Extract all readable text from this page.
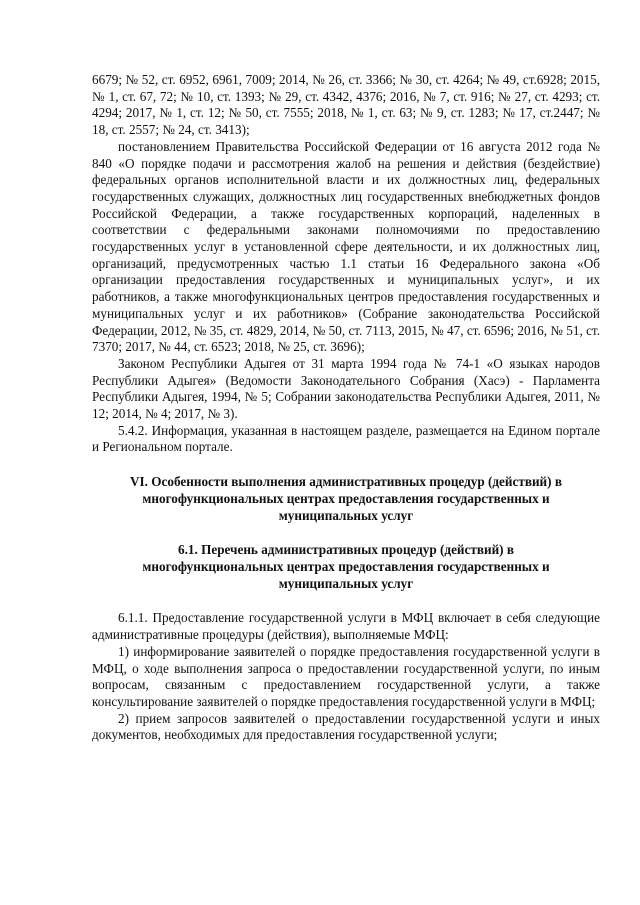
6679; № 52, ст. 6952, 6961, 7009; 2014, № 26, ст. 3366; № 30, ст. 4264; № 49, ст.6928; 2015, № 1, ст. 67, 72; № 10, ст. 1393; № 29, ст. 4342, 4376; 2016, № 7, ст. 916; № 27, ст. 4293; ст. 4294; 2017, № 1, ст. 12; № 50, ст. 7555; 2018, № 1, ст. 63; № 9, ст. 1283; № 17, ст.2447; № 18, ст. 2557; № 24, ст. 3413);

постановлением Правительства Российской Федерации от 16 августа 2012 года № 840 «О порядке подачи и рассмотрения жалоб на решения и действия (бездействие) федеральных органов исполнительной власти и их должностных лиц, федеральных государственных служащих, должностных лиц государственных внебюджетных фондов Российской Федерации, а также государственных корпораций, наделенных в соответствии с федеральными законами полномочиями по предоставлению государственных услуг в установленной сфере деятельности, и их должностных лиц, организаций, предусмотренных частью 1.1 статьи 16 Федерального закона «Об организации предоставления государственных и муниципальных услуг», и их работников, а также многофункциональных центров предоставления государственных и муниципальных услуг и их работников» (Собрание законодательства Российской Федерации, 2012, № 35, ст. 4829, 2014, № 50, ст. 7113, 2015, № 47, ст. 6596; 2016, № 51, ст. 7370; 2017, № 44, ст. 6523; 2018, № 25, ст. 3696);

Законом Республики Адыгея от 31 марта 1994 года № 74-1 «О языках народов Республики Адыгея» (Ведомости Законодательного Собрания (Хасэ) - Парламента Республики Адыгея, 1994, № 5; Собрании законодательства Республики Адыгея, 2011, № 12; 2014, № 4; 2017, № 3).

5.4.2. Информация, указанная в настоящем разделе, размещается на Едином портале и Региональном портале.

VI. Особенности выполнения административных процедур (действий) в многофункциональных центрах предоставления государственных и муниципальных услуг

6.1. Перечень административных процедур (действий) в многофункциональных центрах предоставления государственных и муниципальных услуг

6.1.1. Предоставление государственной услуги в МФЦ включает в себя следующие административные процедуры (действия), выполняемые МФЦ:

1) информирование заявителей о порядке предоставления государственной услуги в МФЦ, о ходе выполнения запроса о предоставлении государственной услуги, по иным вопросам, связанным с предоставлением государственной услуги, а также консультирование заявителей о порядке предоставления государственной услуги в МФЦ;

2) прием запросов заявителей о предоставлении государственной услуги и иных документов, необходимых для предоставления государственной услуги;
